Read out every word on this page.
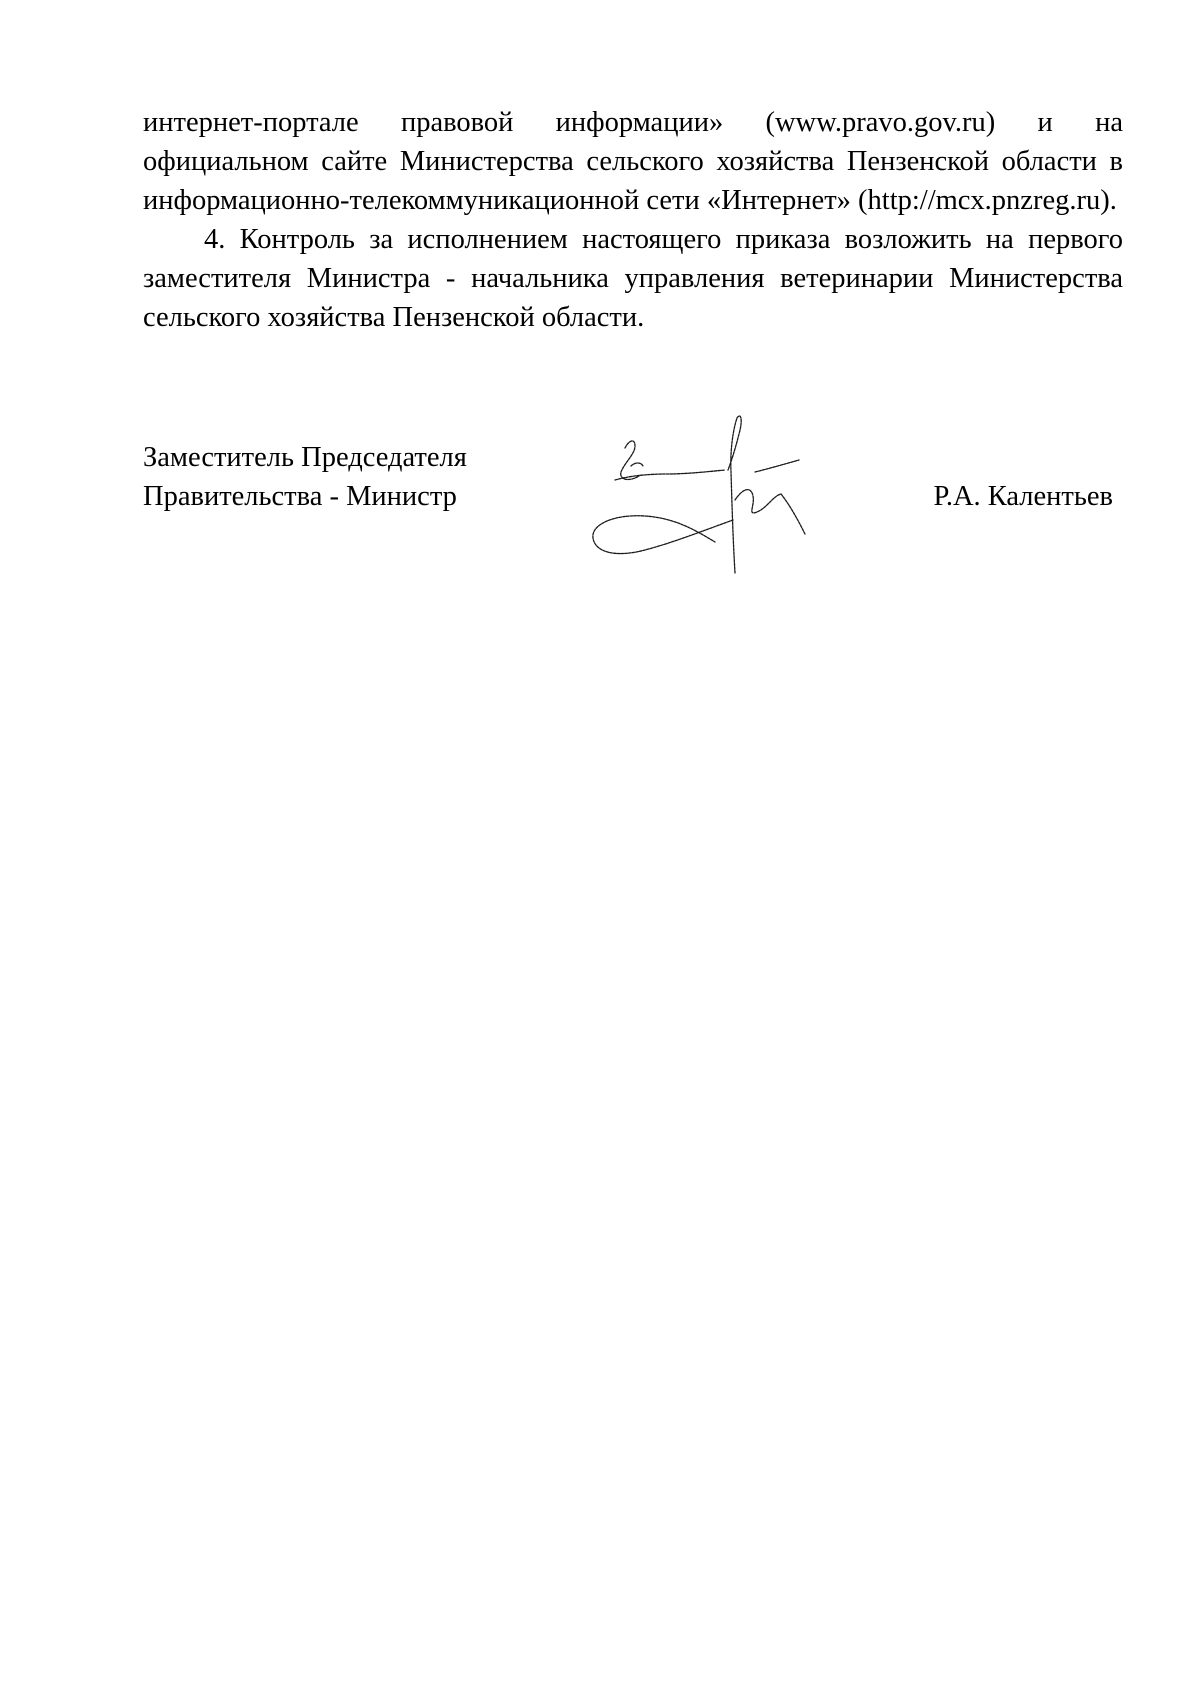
интернет-портале правовой информации» (www.pravo.gov.ru) и на

официальном сайте Министерства сельского хозяйства Пензенской области в информационно-телекоммуникационной сети «Интернет» (http://mcx.pnzreg.ru).

4. Контроль за исполнением настоящего приказа возложить на первого заместителя Министра - начальника управления ветеринарии Министерства сельского хозяйства Пензенской области.

Заместитель Председателя
Правительства - Министр	Р.А. Калентьев
